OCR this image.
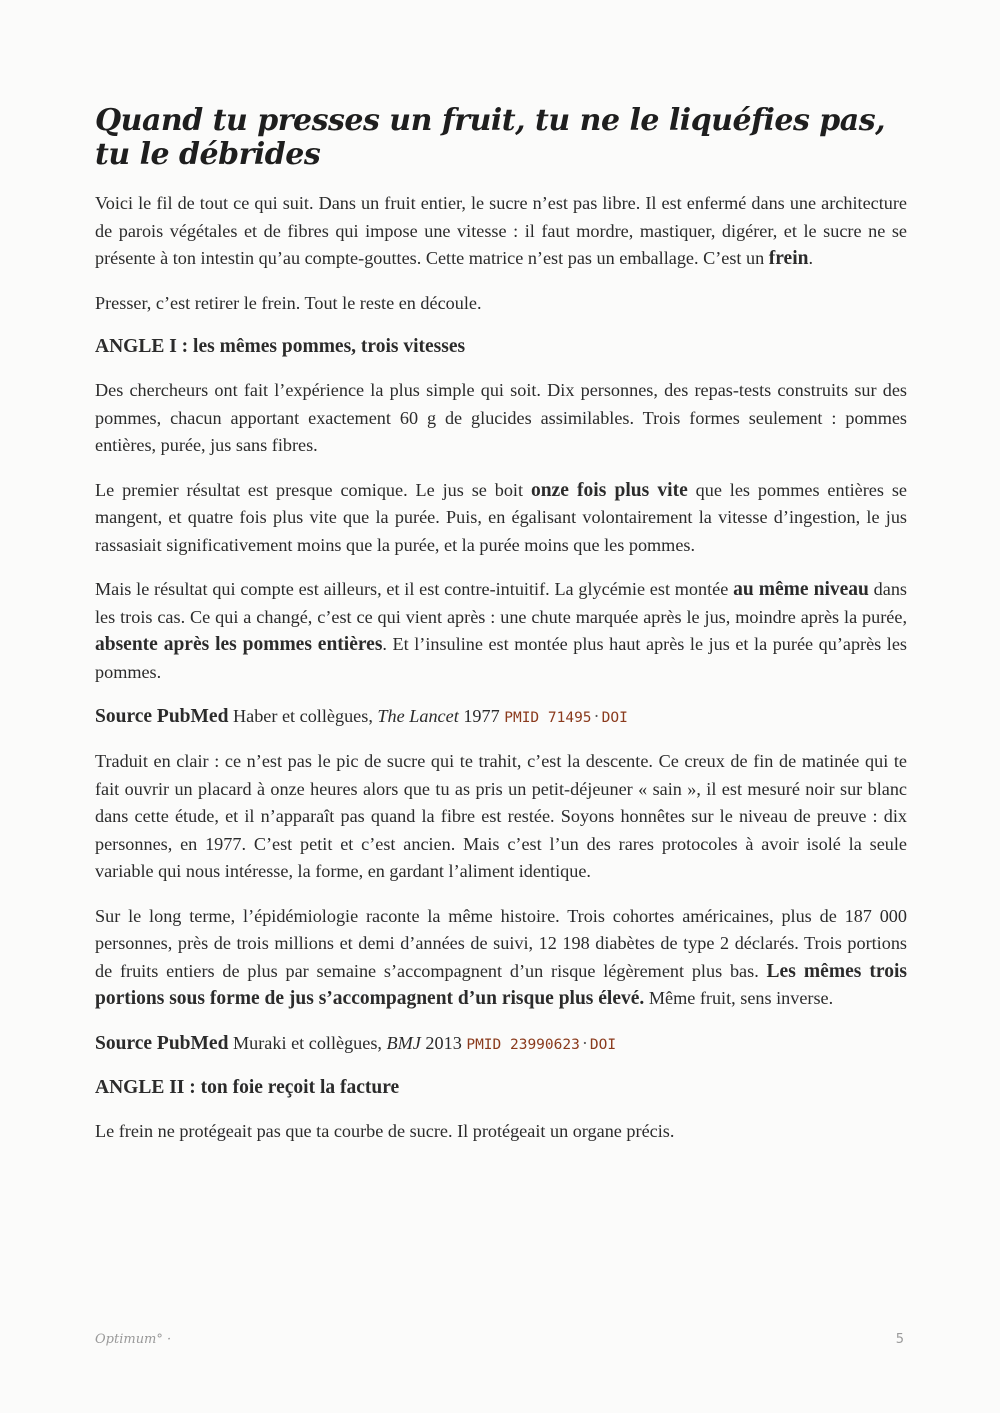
Quand tu presses un fruit, tu ne le liquéfies pas, tu le débrides

Voici le fil de tout ce qui suit. Dans un fruit entier, le sucre n’est pas libre. Il est enfermé dans une architecture de parois végétales et de fibres qui impose une vitesse : il faut mordre, mastiquer, digérer, et le sucre ne se présente à ton intestin qu’au compte-gouttes. Cette matrice n’est pas un emballage. C’est un frein.

Presser, c’est retirer le frein. Tout le reste en découle.

ANGLE I : les mêmes pommes, trois vitesses

Des chercheurs ont fait l’expérience la plus simple qui soit. Dix personnes, des repas-tests construits sur des pommes, chacun apportant exactement 60 g de glucides assimilables. Trois formes seulement : pommes entières, purée, jus sans fibres.

Le premier résultat est presque comique. Le jus se boit onze fois plus vite que les pommes entières se mangent, et quatre fois plus vite que la purée. Puis, en égalisant volontairement la vitesse d’ingestion, le jus rassasiait significativement moins que la purée, et la purée moins que les pommes.

Mais le résultat qui compte est ailleurs, et il est contre-intuitif. La glycémie est montée au même niveau dans les trois cas. Ce qui a changé, c’est ce qui vient après : une chute marquée après le jus, moindre après la purée, absente après les pommes entières. Et l’insuline est montée plus haut après le jus et la purée qu’après les pommes.

Source PubMed Haber et collègues, The Lancet 1977 PMID 71495 · DOI

Traduit en clair : ce n’est pas le pic de sucre qui te trahit, c’est la descente. Ce creux de fin de matinée qui te fait ouvrir un placard à onze heures alors que tu as pris un petit-déjeuner « sain », il est mesuré noir sur blanc dans cette étude, et il n’apparaît pas quand la fibre est restée. Soyons honnêtes sur le niveau de preuve : dix personnes, en 1977. C’est petit et c’est ancien. Mais c’est l’un des rares protocoles à avoir isolé la seule variable qui nous intéresse, la forme, en gardant l’aliment identique.

Sur le long terme, l’épidémiologie raconte la même histoire. Trois cohortes américaines, plus de 187 000 personnes, près de trois millions et demi d’années de suivi, 12 198 diabètes de type 2 déclarés. Trois portions de fruits entiers de plus par semaine s’accompagnent d’un risque légèrement plus bas. Les mêmes trois portions sous forme de jus s’accompagnent d’un risque plus élevé. Même fruit, sens inverse.

Source PubMed Muraki et collègues, BMJ 2013 PMID 23990623 · DOI
ANGLE II : ton foie reçoit la facture

Le frein ne protégeait pas que ta courbe de sucre. Il protégeait un organe précis.

Optimum° ·	5
